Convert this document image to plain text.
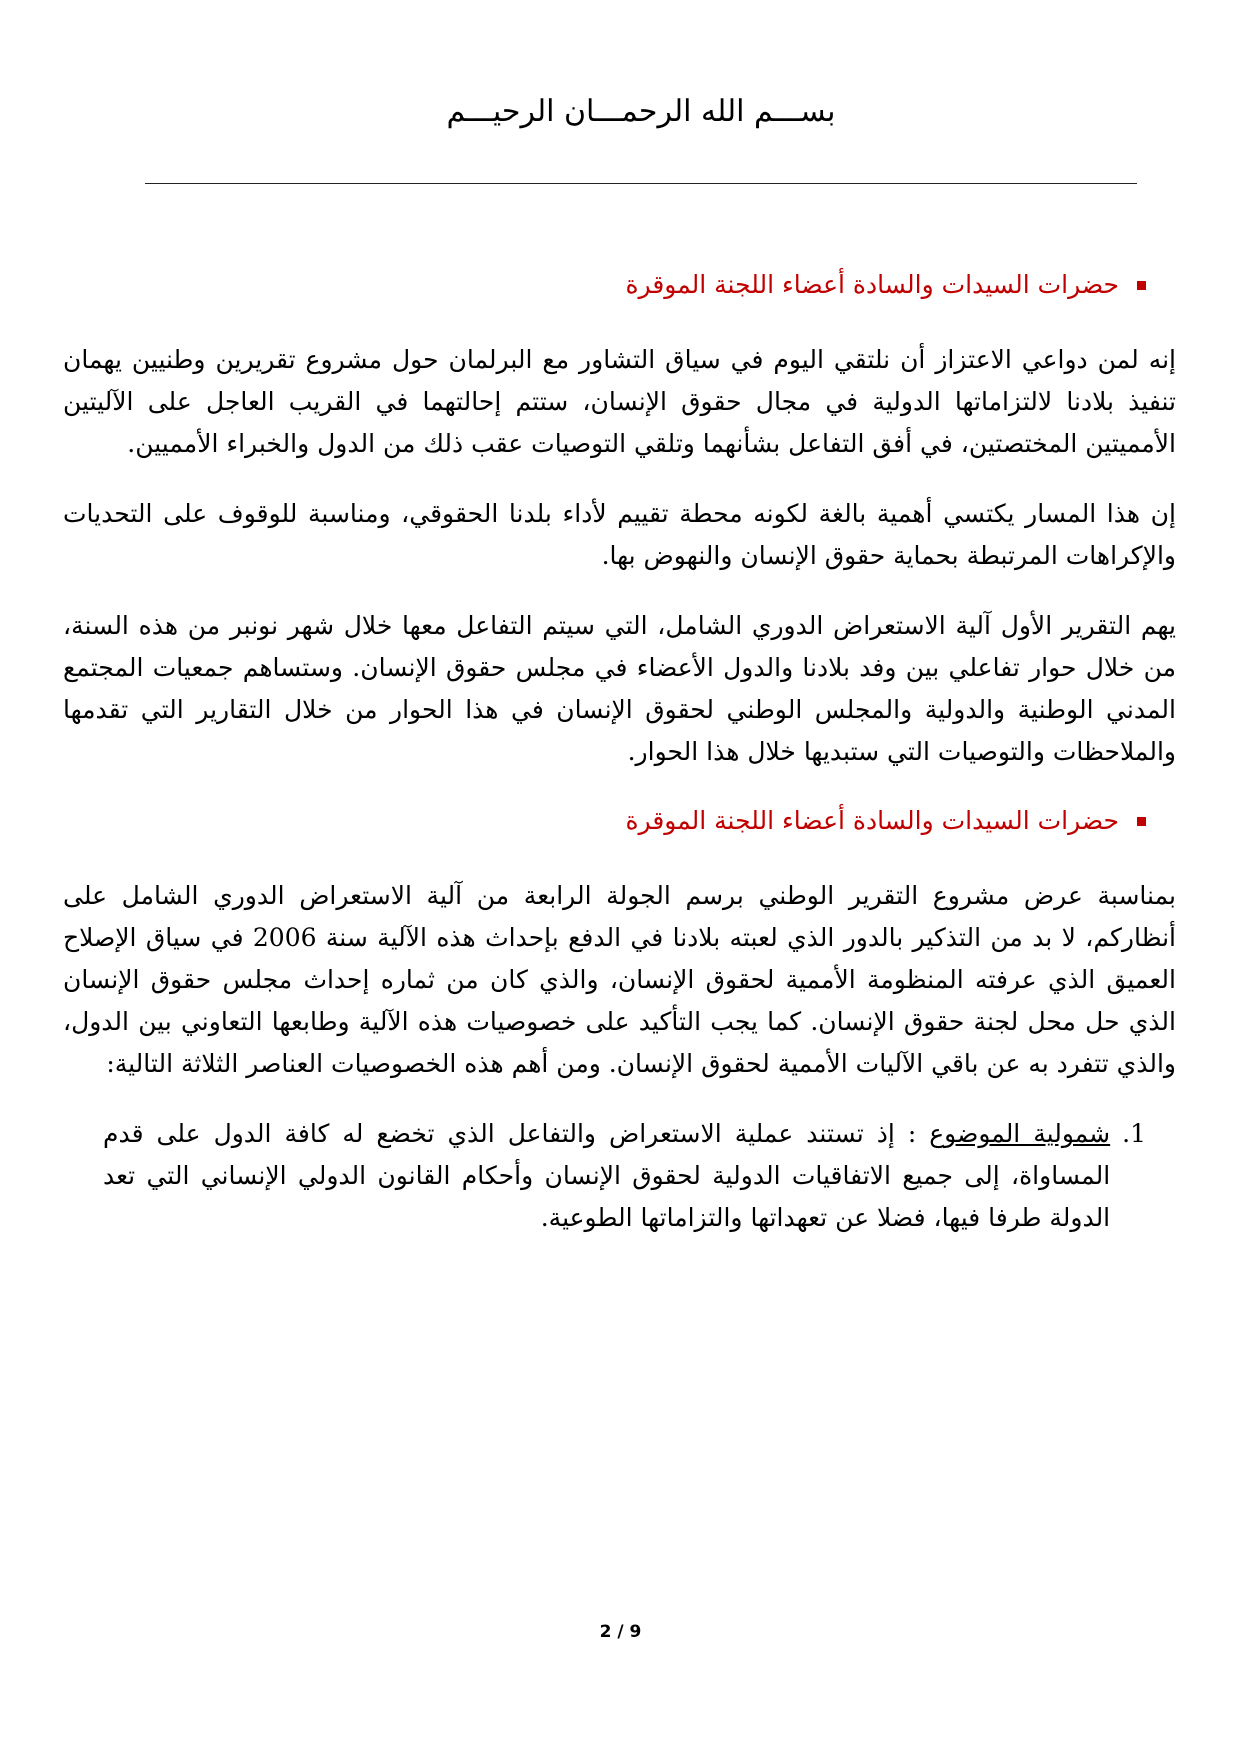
بســـم الله الرحمـــان الرحيـــم
حضرات السيدات والسادة أعضاء اللجنة الموقرة

إنه لمن دواعي الاعتزاز أن نلتقي اليوم في سياق التشاور مع البرلمان حول مشروع تقريرين وطنيين يهمان تنفيذ بلادنا لالتزاماتها الدولية في مجال حقوق الإنسان، ستتم إحالتهما في القريب العاجل على الآليتين الأمميتين المختصتين، في أفق التفاعل بشأنهما وتلقي التوصيات عقب ذلك من الدول والخبراء الأمميين.

إن هذا المسار يكتسي أهمية بالغة لكونه محطة تقييم لأداء بلدنا الحقوقي، ومناسبة للوقوف على التحديات والإكراهات المرتبطة بحماية حقوق الإنسان والنهوض بها.

يهم التقرير الأول آلية الاستعراض الدوري الشامل، التي سيتم التفاعل معها خلال شهر نونبر من هذه السنة، من خلال حوار تفاعلي بين وفد بلادنا والدول الأعضاء في مجلس حقوق الإنسان. وستساهم جمعيات المجتمع المدني الوطنية والدولية والمجلس الوطني لحقوق الإنسان في هذا الحوار من خلال التقارير التي تقدمها والملاحظات والتوصيات التي ستبديها خلال هذا الحوار.

حضرات السيدات والسادة أعضاء اللجنة الموقرة

بمناسبة عرض مشروع التقرير الوطني برسم الجولة الرابعة من آلية الاستعراض الدوري الشامل على أنظاركم، لا بد من التذكير بالدور الذي لعبته بلادنا في الدفع بإحداث هذه الآلية سنة 2006 في سياق الإصلاح العميق الذي عرفته المنظومة الأممية لحقوق الإنسان، والذي كان من ثماره إحداث مجلس حقوق الإنسان الذي حل محل لجنة حقوق الإنسان. كما يجب التأكيد على خصوصيات هذه الآلية وطابعها التعاوني بين الدول، والذي تتفرد به عن باقي الآليات الأممية لحقوق الإنسان. ومن أهم هذه الخصوصيات العناصر الثلاثة التالية:

1.
شمولية الموضوع : إذ تستند عملية الاستعراض والتفاعل الذي تخضع له كافة الدول على قدم المساواة، إلى جميع الاتفاقيات الدولية لحقوق الإنسان وأحكام القانون الدولي الإنساني التي تعد الدولة طرفا فيها، فضلا عن تعهداتها والتزاماتها الطوعية.
2 / 9
